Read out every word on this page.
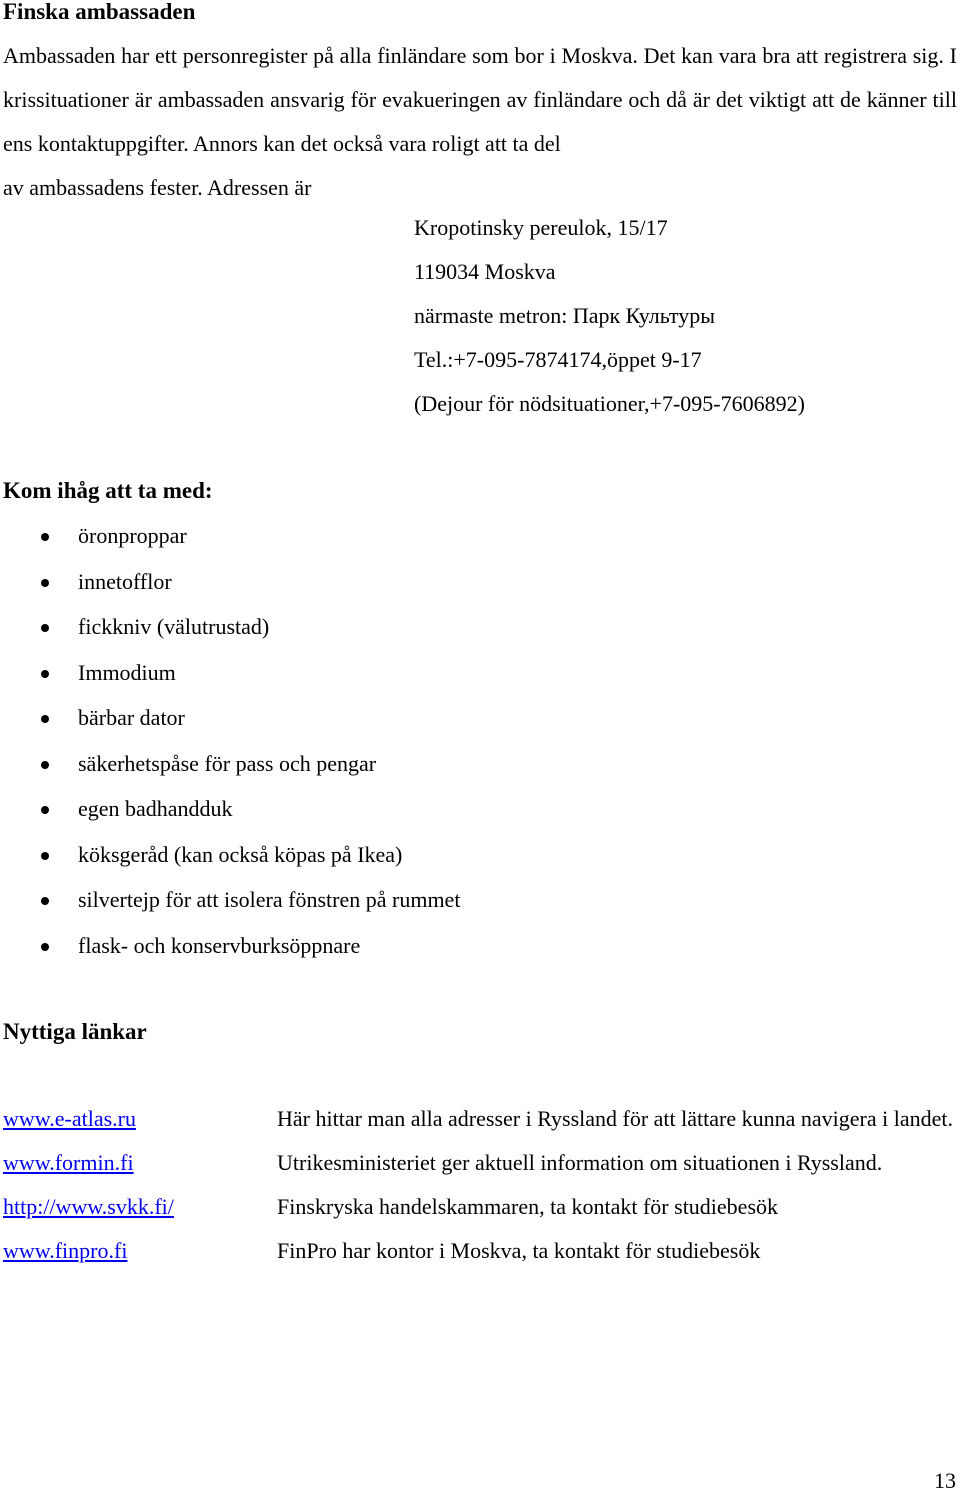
Finska ambassaden

Ambassaden har ett personregister på alla finländare som bor i Moskva. Det kan vara bra att registrera sig. I krissituationer är ambassaden ansvarig för evakueringen av finländare och då är det viktigt att de känner till ens kontaktuppgifter. Annors kan det också vara roligt att ta del
av ambassadens fester. Adressen är

Kropotinsky pereulok, 15/17
119034 Moskva
närmaste metron: Парк Культуры
Tel.:+7-095-7874174,öppet 9-17
(Dejour för nödsituationer,+7-095-7606892)
Kom ihåg att ta med:
öronproppar
innetofflor
fickkniv (välutrustad)
Immodium
bärbar dator
säkerhetspåse för pass och pengar
egen badhandduk
köksgeråd (kan också köpas på Ikea)
silvertejp för att isolera fönstren på rummet
flask- och konservburksöppnare
Nyttiga länkar
www.e-atlas.ru	Här hittar man alla adresser i Ryssland för att lättare kunna navigera i landet.
www.formin.fi	Utrikesministeriet ger aktuell information om situationen i Ryssland.
http://www.svkk.fi/	Finskryska handelskammaren, ta kontakt för studiebesök
www.finpro.fi	FinPro har kontor i Moskva, ta kontakt för studiebesök
13
